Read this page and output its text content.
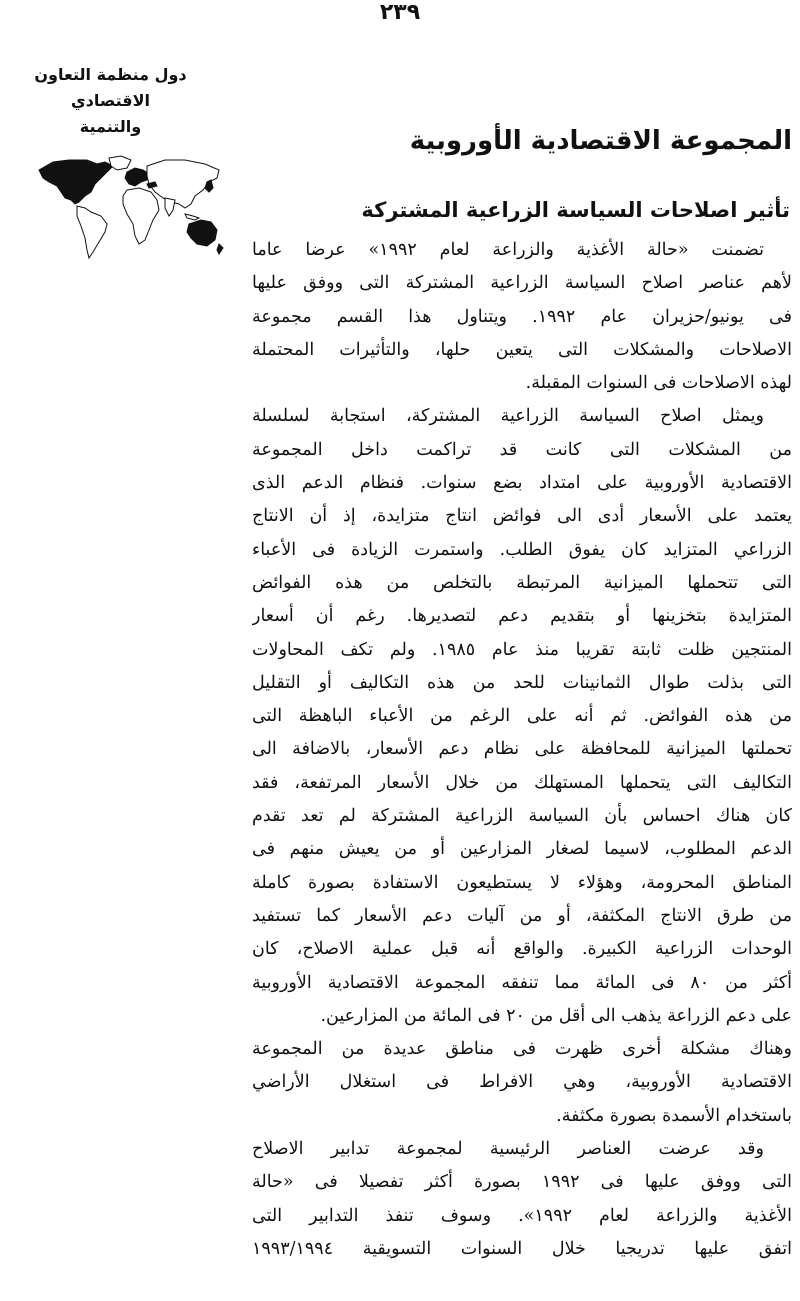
٢٣٩
دول منظمة التعاون الاقتصادي
والتنمية	المجموعة الاقتصادية الأوروبية
تأثير اصلاحات السياسة الزراعية المشتركة
تضمنت «حالة الأغذية والزراعة لعام ١٩٩٢» عرضا عاما
لأهم عناصر اصلاح السياسة الزراعية المشتركة التى ووفق عليها
فى يونيو/حزيران عام ١٩٩٢. ويتناول هذا القسم مجموعة
الاصلاحات والمشكلات التى يتعين حلها، والتأثيرات المحتملة
لهذه الاصلاحات فى السنوات المقبلة.
ويمثل اصلاح السياسة الزراعية المشتركة، استجابة لسلسلة
من المشكلات التى كانت قد تراكمت داخل المجموعة
الاقتصادية الأوروبية على امتداد بضع سنوات. فنظام الدعم الذى
يعتمد على الأسعار أدى الى فوائض انتاج متزايدة، إذ أن الانتاج
الزراعي المتزايد كان يفوق الطلب. واستمرت الزيادة فى الأعباء
التى تتحملها الميزانية المرتبطة بالتخلص من هذه الفوائض
المتزايدة بتخزينها أو بتقديم دعم لتصديرها. رغم أن أسعار
المنتجين ظلت ثابتة تقريبا منذ عام ١٩٨٥. ولم تكف المحاولات
التى بذلت طوال الثمانينات للحد من هذه التكاليف أو التقليل
من هذه الفوائض. ثم أنه على الرغم من الأعباء الباهظة التى
تحملتها الميزانية للمحافظة على نظام دعم الأسعار، بالاضافة الى
التكاليف التى يتحملها المستهلك من خلال الأسعار المرتفعة، فقد
كان هناك احساس بأن السياسة الزراعية المشتركة لم تعد تقدم
الدعم المطلوب، لاسيما لصغار المزارعين أو من يعيش منهم فى
المناطق المحرومة، وهؤلاء لا يستطيعون الاستفادة بصورة كاملة
من طرق الانتاج المكثفة، أو من آليات دعم الأسعار كما تستفيد
الوحدات الزراعية الكبيرة. والواقع أنه قبل عملية الاصلاح، كان
أكثر من ٨٠ فى المائة مما تنفقه المجموعة الاقتصادية الأوروبية
على دعم الزراعة يذهب الى أقل من ٢٠ فى المائة من المزارعين.
وهناك مشكلة أخرى ظهرت فى مناطق عديدة من المجموعة
الاقتصادية الأوروبية، وهي الافراط فى استغلال الأراضي
باستخدام الأسمدة بصورة مكثفة.
وقد عرضت العناصر الرئيسية لمجموعة تدابير الاصلاح
التى ووفق عليها فى ١٩٩٢ بصورة أكثر تفصيلا فى «حالة
الأغذية والزراعة لعام ١٩٩٢». وسوف تنفذ التدابير التى
اتفق عليها تدريجيا خلال السنوات التسويقية ١٩٩٣/١٩٩٤
